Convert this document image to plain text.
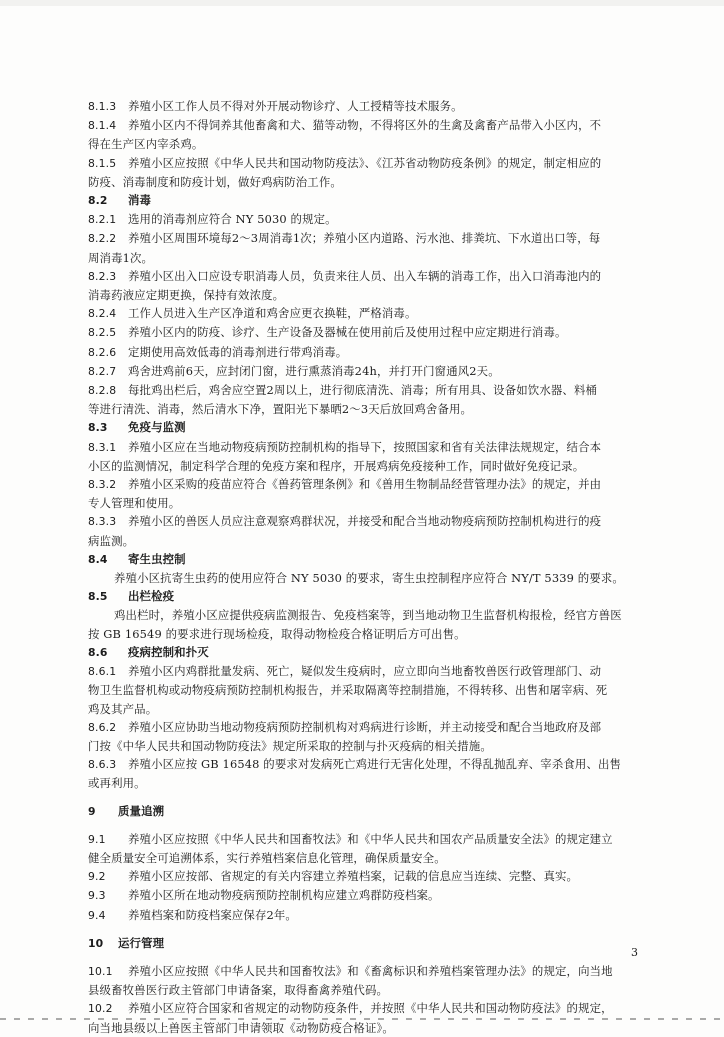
8.1.3 养殖小区工作人员不得对外开展动物诊疗、人工授精等技术服务。
8.1.4 养殖小区内不得饲养其他畜禽和犬、猫等动物，不得将区外的生禽及禽畜产品带入小区内，不
得在生产区内宰杀鸡。
8.1.5 养殖小区应按照《中华人民共和国动物防疫法》、《江苏省动物防疫条例》的规定，制定相应的
防疫、消毒制度和防疫计划，做好鸡病防治工作。
8.2 消毒
8.2.1 选用的消毒剂应符合 NY 5030 的规定。
8.2.2 养殖小区周围环境每2～3周消毒1次；养殖小区内道路、污水池、排粪坑、下水道出口等，每
周消毒1次。
8.2.3 养殖小区出入口应设专职消毒人员，负责来往人员、出入车辆的消毒工作，出入口消毒池内的
消毒药液应定期更换，保持有效浓度。
8.2.4 工作人员进入生产区净道和鸡舍应更衣换鞋，严格消毒。
8.2.5 养殖小区内的防疫、诊疗、生产设备及器械在使用前后及使用过程中应定期进行消毒。
8.2.6 定期使用高效低毒的消毒剂进行带鸡消毒。
8.2.7 鸡舍进鸡前6天，应封闭门窗，进行熏蒸消毒24h，并打开门窗通风2天。
8.2.8 每批鸡出栏后，鸡舍应空置2周以上，进行彻底清洗、消毒；所有用具、设备如饮水器、料桶
等进行清洗、消毒，然后清水下净，置阳光下暴晒2～3天后放回鸡舍备用。
8.3 免疫与监测
8.3.1 养殖小区应在当地动物疫病预防控制机构的指导下，按照国家和省有关法律法规规定，结合本
小区的监测情况，制定科学合理的免疫方案和程序，开展鸡病免疫接种工作，同时做好免疫记录。
8.3.2 养殖小区采购的疫苗应符合《兽药管理条例》和《兽用生物制品经营管理办法》的规定，并由
专人管理和使用。
8.3.3 养殖小区的兽医人员应注意观察鸡群状况，并接受和配合当地动物疫病预防控制机构进行的疫
病监测。
8.4 寄生虫控制
养殖小区抗寄生虫药的使用应符合 NY 5030 的要求，寄生虫控制程序应符合 NY/T 5339 的要求。
8.5 出栏检疫
鸡出栏时，养殖小区应提供疫病监测报告、免疫档案等，到当地动物卫生监督机构报检，经官方兽医
按 GB 16549 的要求进行现场检疫，取得动物检疫合格证明后方可出售。
8.6 疫病控制和扑灭
8.6.1 养殖小区内鸡群批量发病、死亡，疑似发生疫病时，应立即向当地畜牧兽医行政管理部门、动
物卫生监督机构或动物疫病预防控制机构报告，并采取隔离等控制措施，不得转移、出售和屠宰病、死
鸡及其产品。
8.6.2 养殖小区应协助当地动物疫病预防控制机构对鸡病进行诊断，并主动接受和配合当地政府及部
门按《中华人民共和国动物防疫法》规定所采取的控制与扑灭疫病的相关措施。
8.6.3 养殖小区应按 GB 16548 的要求对发病死亡鸡进行无害化处理，不得乱抛乱弃、宰杀食用、出售
或再利用。
9 质量追溯
9.1 养殖小区应按照《中华人民共和国畜牧法》和《中华人民共和国农产品质量安全法》的规定建立
健全质量安全可追溯体系，实行养殖档案信息化管理，确保质量安全。
9.2 养殖小区应按部、省规定的有关内容建立养殖档案，记载的信息应当连续、完整、真实。
9.3 养殖小区所在地动物疫病预防控制机构应建立鸡群防疫档案。
9.4 养殖档案和防疫档案应保存2年。
10 运行管理
10.1 养殖小区应按照《中华人民共和国畜牧法》和《畜禽标识和养殖档案管理办法》的规定，向当地
县级畜牧兽医行政主管部门申请备案，取得畜禽养殖代码。
10.2 养殖小区应符合国家和省规定的动物防疫条件，并按照《中华人民共和国动物防疫法》的规定，
向当地县级以上兽医主管部门申请领取《动物防疫合格证》。
3
